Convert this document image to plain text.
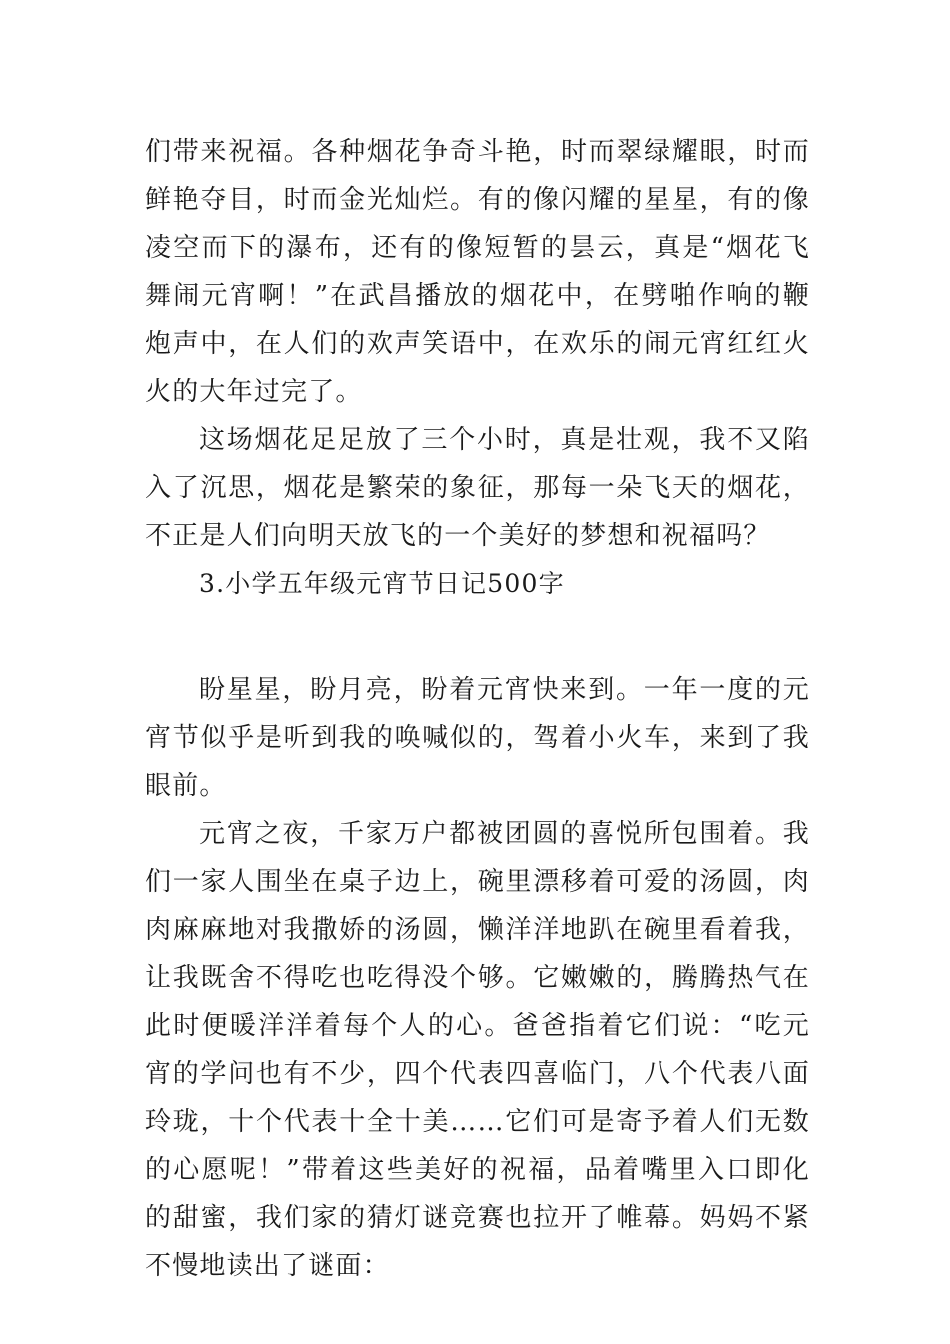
们带来祝福。各种烟花争奇斗艳，时而翠绿耀眼，时而鲜艳夺目，时而金光灿烂。有的像闪耀的星星，有的像凌空而下的瀑布，还有的像短暂的昙云，真是“烟花飞舞闹元宵啊！”在武昌播放的烟花中，在劈啪作响的鞭炮声中，在人们的欢声笑语中，在欢乐的闹元宵红红火火的大年过完了。

这场烟花足足放了三个小时，真是壮观，我不又陷入了沉思，烟花是繁荣的象征，那每一朵飞天的烟花，不正是人们向明天放飞的一个美好的梦想和祝福吗？

3.小学五年级元宵节日记500字

盼星星，盼月亮，盼着元宵快来到。一年一度的元宵节似乎是听到我的唤喊似的，驾着小火车，来到了我眼前。

元宵之夜，千家万户都被团圆的喜悦所包围着。我们一家人围坐在桌子边上，碗里漂移着可爱的汤圆，肉肉麻麻地对我撒娇的汤圆，懒洋洋地趴在碗里看着我，让我既舍不得吃也吃得没个够。它嫩嫩的，腾腾热气在此时便暖洋洋着每个人的心。爸爸指着它们说：“吃元宵的学问也有不少，四个代表四喜临门，八个代表八面玲珑，十个代表十全十美……它们可是寄予着人们无数的心愿呢！”带着这些美好的祝福，品着嘴里入口即化的甜蜜，我们家的猜灯谜竞赛也拉开了帷幕。妈妈不紧不慢地读出了谜面：
